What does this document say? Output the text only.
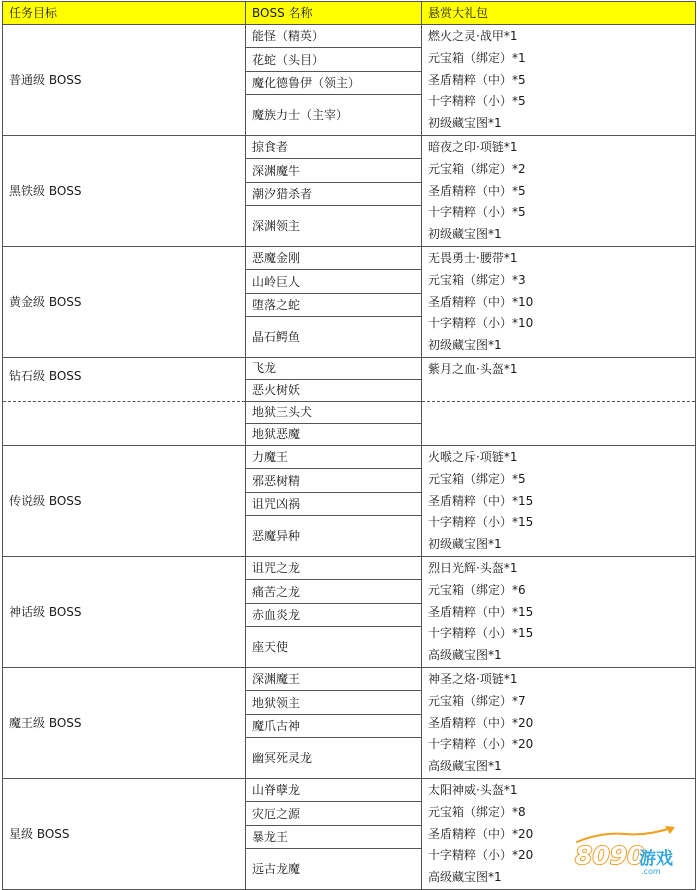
任务目标	BOSS 名称	悬赏大礼包
普通级 BOSS	能怪（精英）	燃火之灵·战甲*1
元宝箱（绑定）*1
圣盾精粹（中）*5
十字精粹（小）*5
初级藏宝图*1

	花蛇（头目）	
	魔化德鲁伊（领主）	
	魔族力士（主宰）	
黑铁级 BOSS	掠食者	暗夜之印·项链*1
元宝箱（绑定）*2
圣盾精粹（中）*5
十字精粹（小）*5
初级藏宝图*1

	深渊魔牛	
	潮汐猎杀者	
	深渊领主	
黄金级 BOSS	恶魔金刚	无畏勇士·腰带*1
元宝箱（绑定）*3
圣盾精粹（中）*10
十字精粹（小）*10
初级藏宝图*1

	山岭巨人	
	堕落之蛇	
	晶石鳄鱼	
钻石级 BOSS	飞龙	紫月之血·头盔*1

	恶火树妖	
	地狱三头犬	
	地狱恶魔	
传说级 BOSS	力魔王	火喉之斥·项链*1
元宝箱（绑定）*5
圣盾精粹（中）*15
十字精粹（小）*15
初级藏宝图*1

	邪恶树精	
	诅咒凶祸	
	恶魔异种	
神话级 BOSS	诅咒之龙	烈日光辉·头盔*1
元宝箱（绑定）*6
圣盾精粹（中）*15
十字精粹（小）*15
高级藏宝图*1

	痛苦之龙	
	赤血炎龙	
	座天使	
魔王级 BOSS	深渊魔王	神圣之烙·项链*1
元宝箱（绑定）*7
圣盾精粹（中）*20
十字精粹（小）*20
高级藏宝图*1

	地狱领主	
	魔爪古神	
	幽冥死灵龙	
星级 BOSS	山脊孽龙	太阳神威·头盔*1
元宝箱（绑定）*8
圣盾精粹（中）*20
十字精粹（小）*20
高级藏宝图*1

	灾厄之源	
	暴龙王	
	远古龙魔		8090
游戏
.com
